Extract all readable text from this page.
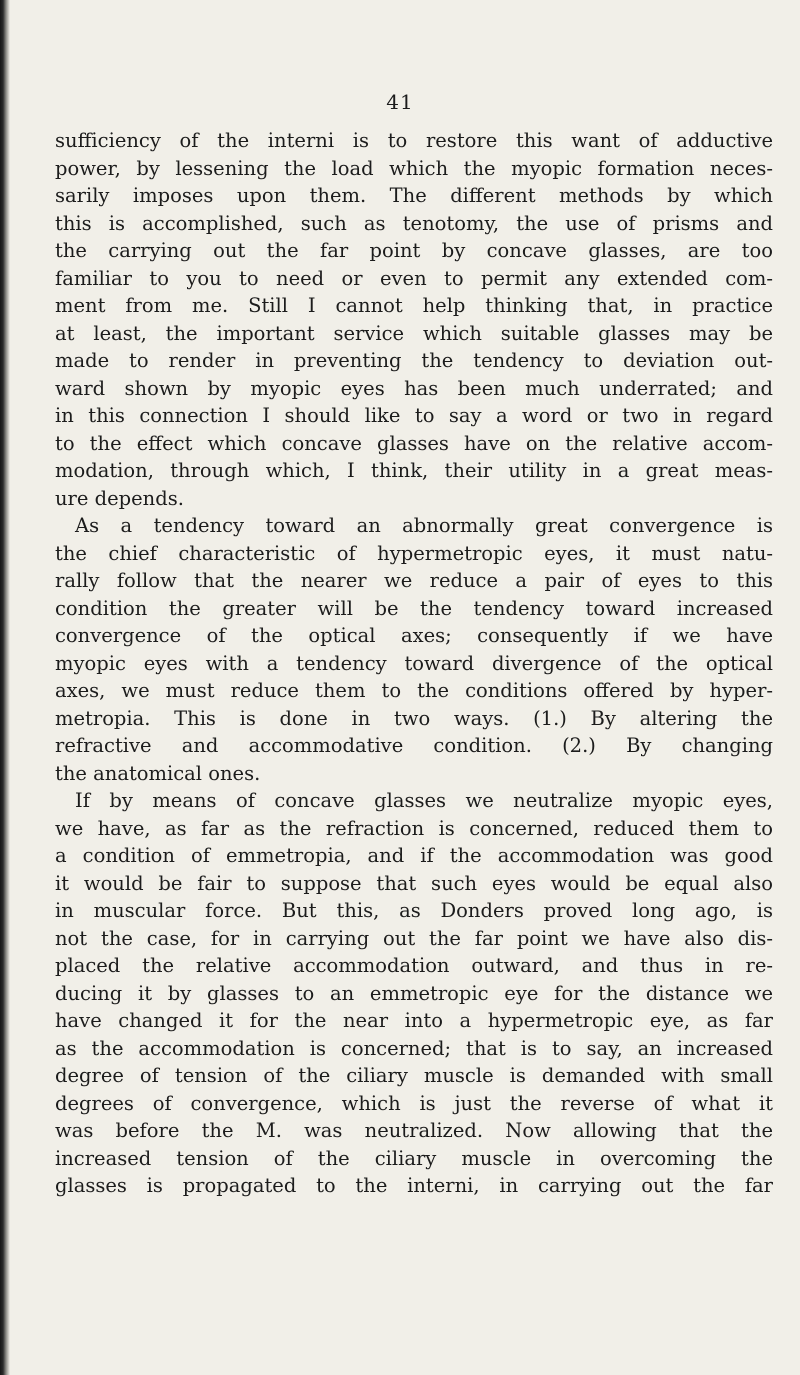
41
sufficiency of the interni is to restore this want of adductive
power, by lessening the load which the myopic formation neces-
sarily imposes upon them. The different methods by which
this is accomplished, such as tenotomy, the use of prisms and
the carrying out the far point by concave glasses, are too
familiar to you to need or even to permit any extended com-
ment from me. Still I cannot help thinking that, in practice
at least, the important service which suitable glasses may be
made to render in preventing the tendency to deviation out-
ward shown by myopic eyes has been much underrated; and
in this connection I should like to say a word or two in regard
to the effect which concave glasses have on the relative accom-
modation, through which, I think, their utility in a great meas-
ure depends.
As a tendency toward an abnormally great convergence is
the chief characteristic of hypermetropic eyes, it must natu-
rally follow that the nearer we reduce a pair of eyes to this
condition the greater will be the tendency toward increased
convergence of the optical axes; consequently if we have
myopic eyes with a tendency toward divergence of the optical
axes, we must reduce them to the conditions offered by hyper-
metropia. This is done in two ways. (1.) By altering the
refractive and accommodative condition. (2.) By changing
the anatomical ones.
If by means of concave glasses we neutralize myopic eyes,
we have, as far as the refraction is concerned, reduced them to
a condition of emmetropia, and if the accommodation was good
it would be fair to suppose that such eyes would be equal also
in muscular force. But this, as Donders proved long ago, is
not the case, for in carrying out the far point we have also dis-
placed the relative accommodation outward, and thus in re-
ducing it by glasses to an emmetropic eye for the distance we
have changed it for the near into a hypermetropic eye, as far
as the accommodation is concerned; that is to say, an increased
degree of tension of the ciliary muscle is demanded with small
degrees of convergence, which is just the reverse of what it
was before the M. was neutralized. Now allowing that the
increased tension of the ciliary muscle in overcoming the
glasses is propagated to the interni, in carrying out the far
